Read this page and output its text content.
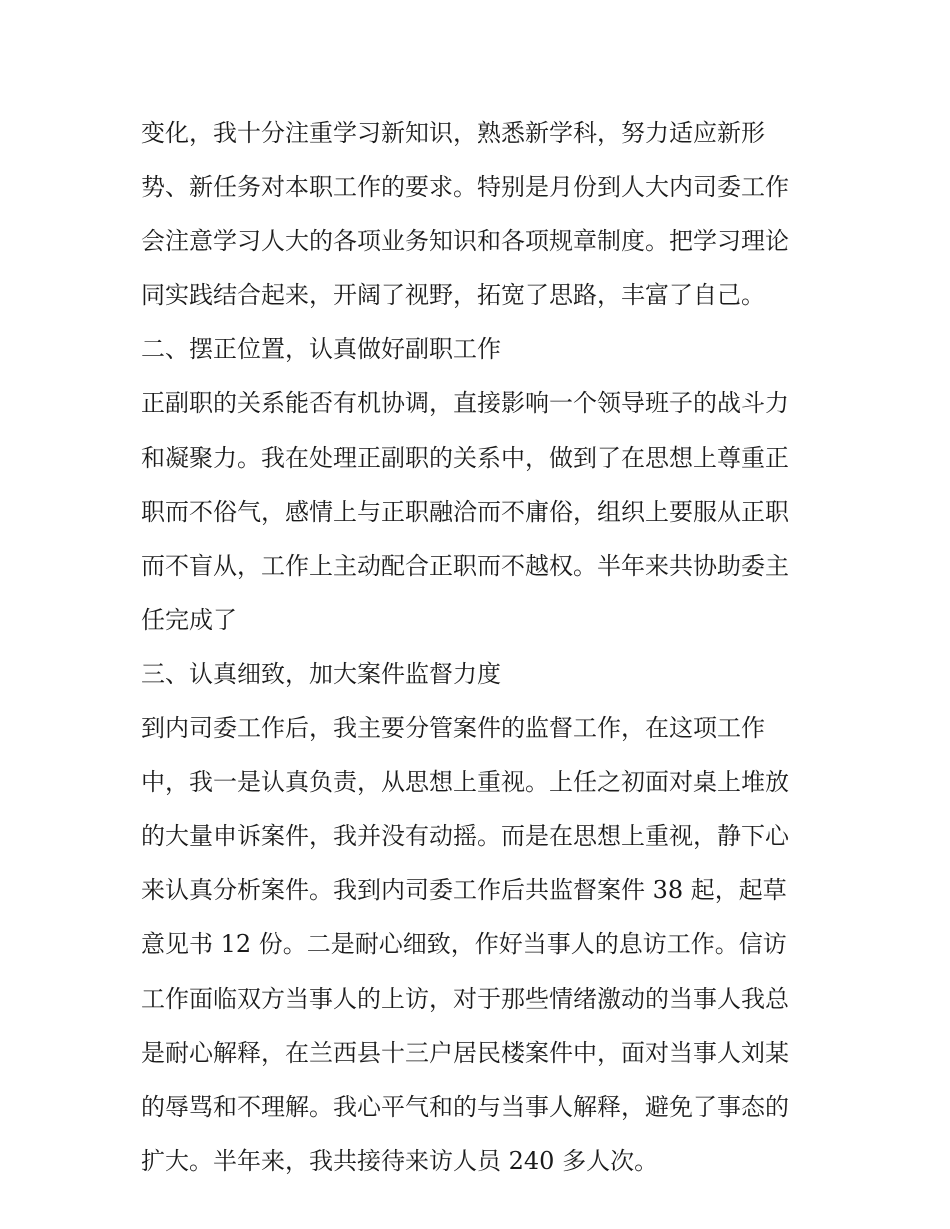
变化，我十分注重学习新知识，熟悉新学科，努力适应新形
势、新任务对本职工作的要求。特别是月份到人大内司委工作
会注意学习人大的各项业务知识和各项规章制度。把学习理论
同实践结合起来，开阔了视野，拓宽了思路，丰富了自己。
二、摆正位置，认真做好副职工作
正副职的关系能否有机协调，直接影响一个领导班子的战斗力
和凝聚力。我在处理正副职的关系中，做到了在思想上尊重正
职而不俗气，感情上与正职融洽而不庸俗，组织上要服从正职
而不盲从，工作上主动配合正职而不越权。半年来共协助委主
任完成了
三、认真细致，加大案件监督力度
到内司委工作后，我主要分管案件的监督工作，在这项工作
中，我一是认真负责，从思想上重视。上任之初面对桌上堆放
的大量申诉案件，我并没有动摇。而是在思想上重视，静下心
来认真分析案件。我到内司委工作后共监督案件 38 起，起草
意见书 12 份。二是耐心细致，作好当事人的息访工作。信访
工作面临双方当事人的上访，对于那些情绪激动的当事人我总
是耐心解释，在兰西县十三户居民楼案件中，面对当事人刘某
的辱骂和不理解。我心平气和的与当事人解释，避免了事态的
扩大。半年来，我共接待来访人员 240 多人次。
